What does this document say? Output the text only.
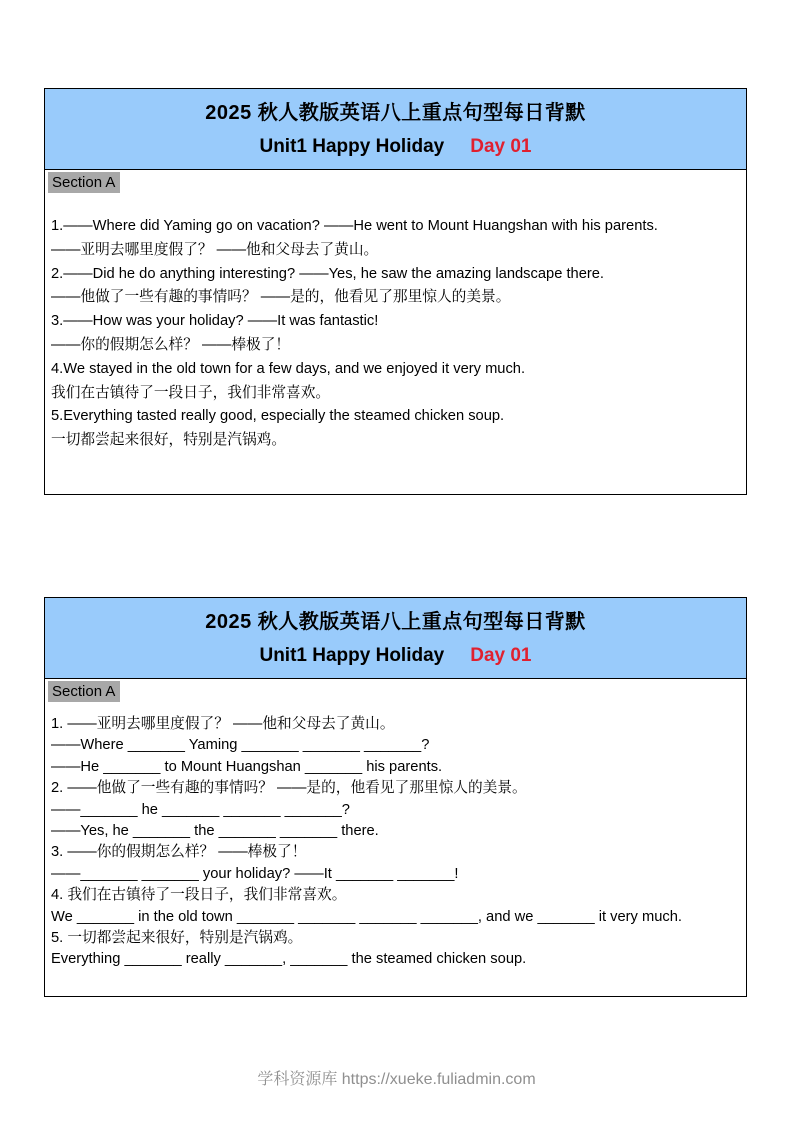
2025 秋人教版英语八上重点句型每日背默
Unit1 Happy Holiday Day 01
Section A

1.——Where did Yaming go on vacation? ——He went to Mount Huangshan with his parents.

——亚明去哪里度假了？ ——他和父母去了黄山。

2.——Did he do anything interesting? ——Yes, he saw the amazing landscape there.

——他做了一些有趣的事情吗？ ——是的，他看见了那里惊人的美景。

3.——How was your holiday? ——It was fantastic!

——你的假期怎么样？ ——棒极了！

4.We stayed in the old town for a few days, and we enjoyed it very much.

我们在古镇待了一段日子，我们非常喜欢。

5.Everything tasted really good, especially the steamed chicken soup.

一切都尝起来很好，特别是汽锅鸡。

2025 秋人教版英语八上重点句型每日背默
Unit1 Happy Holiday Day 01
Section A

1. ——亚明去哪里度假了？ ——他和父母去了黄山。

——Where _______ Yaming _______ _______ _______?

——He _______ to Mount Huangshan _______ his parents.

2. ——他做了一些有趣的事情吗？ ——是的，他看见了那里惊人的美景。

——_______ he _______ _______ _______?

——Yes, he _______ the _______ _______ there.

3. ——你的假期怎么样？ ——棒极了！

——_______ _______ your holiday? ——It _______ _______!

4. 我们在古镇待了一段日子，我们非常喜欢。

We _______ in the old town _______ _______ _______ _______, and we _______ it very much.

5. 一切都尝起来很好，特别是汽锅鸡。

Everything _______ really _______, _______ the steamed chicken soup.

学科资源库 https://xueke.fuliadmin.com
